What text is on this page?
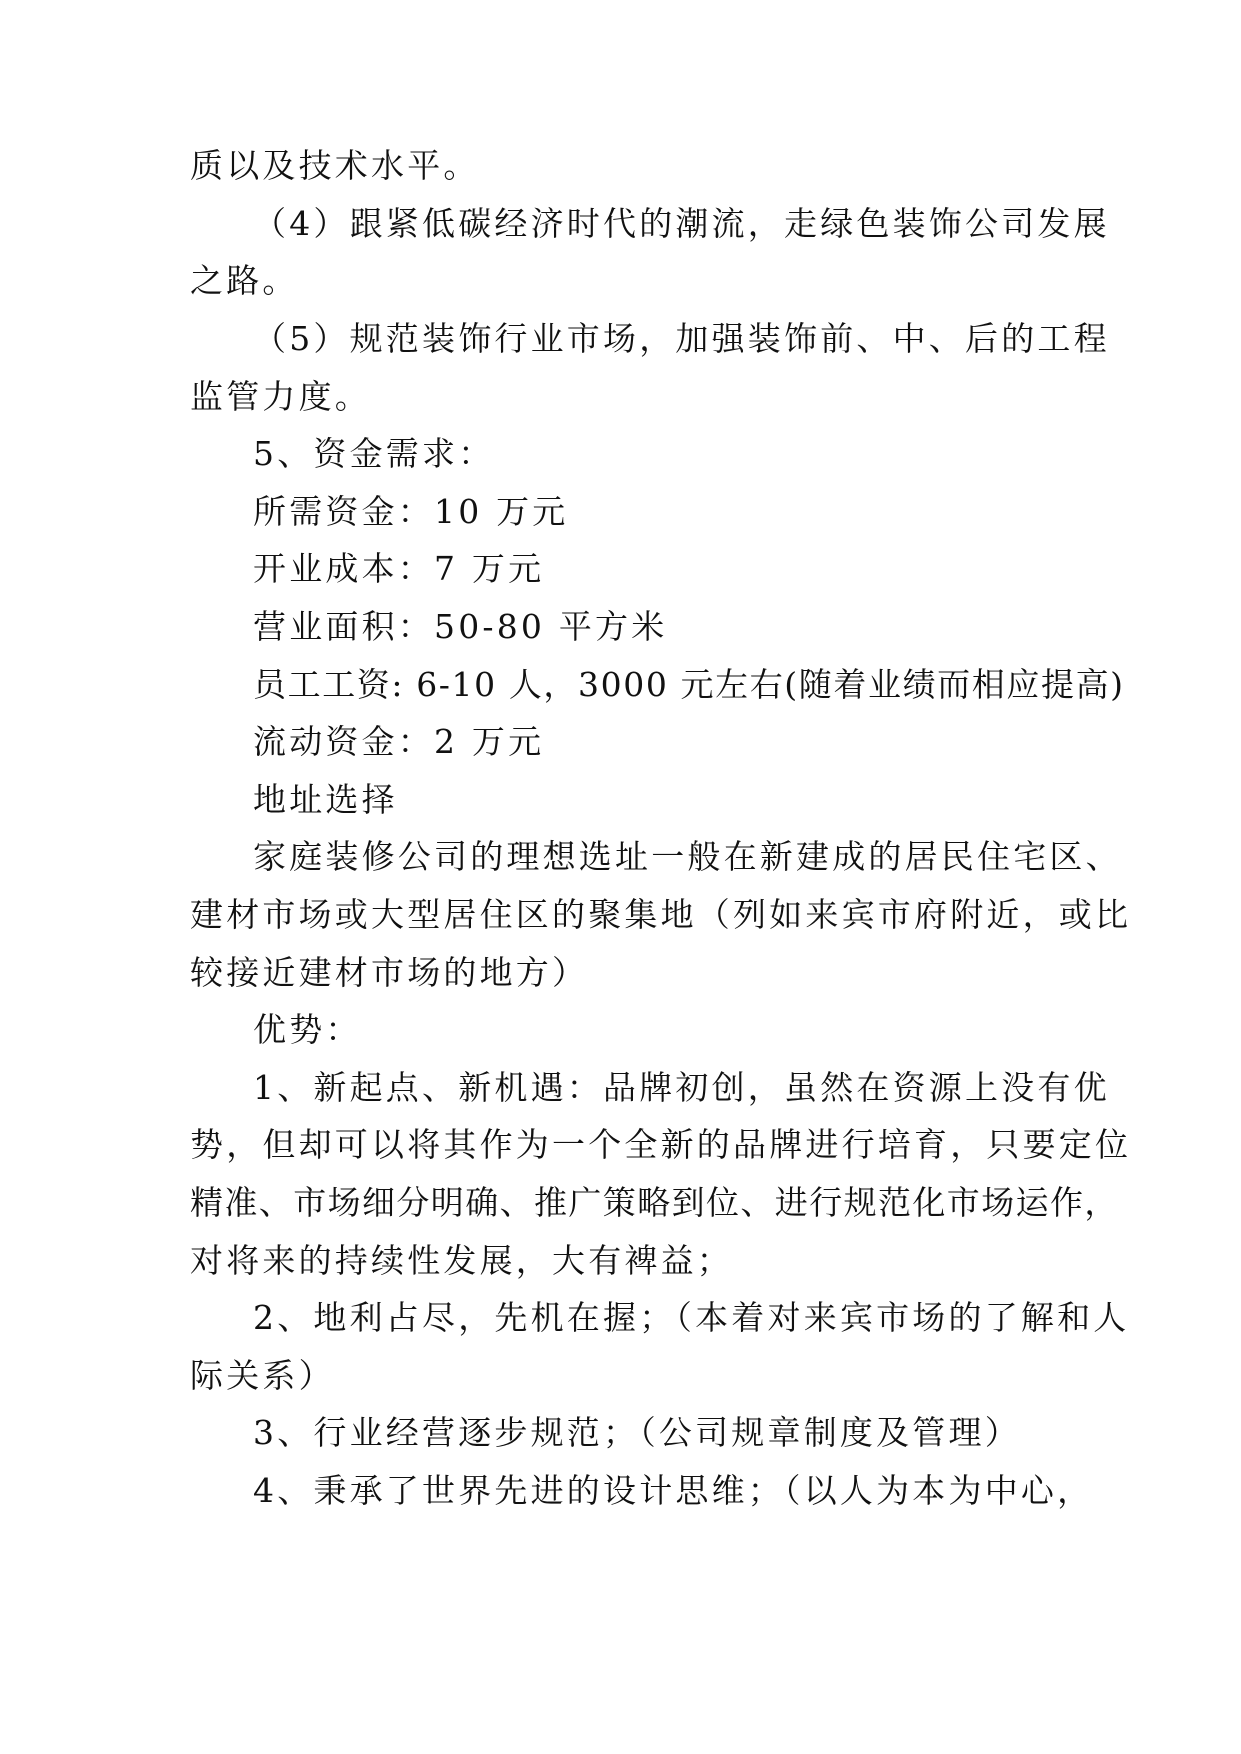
质以及技术水平。
（4）跟紧低碳经济时代的潮流，走绿色装饰公司发展
之路。
（5）规范装饰行业市场，加强装饰前、中、后的工程
监管力度。
5、资金需求：
所需资金：10 万元
开业成本：7 万元
营业面积：50-80 平方米
员工工资: 6-10 人，3000 元左右(随着业绩而相应提高)
流动资金：2 万元
地址选择
家庭装修公司的理想选址一般在新建成的居民住宅区、
建材市场或大型居住区的聚集地（列如来宾市府附近，或比
较接近建材市场的地方）
优势：
1、新起点、新机遇：品牌初创，虽然在资源上没有优
势，但却可以将其作为一个全新的品牌进行培育，只要定位
精准、市场细分明确、推广策略到位、进行规范化市场运作，
对将来的持续性发展，大有裨益；
2、地利占尽，先机在握；（本着对来宾市场的了解和人
际关系）
3、行业经营逐步规范；（公司规章制度及管理）
4、秉承了世界先进的设计思维；（以人为本为中心，
